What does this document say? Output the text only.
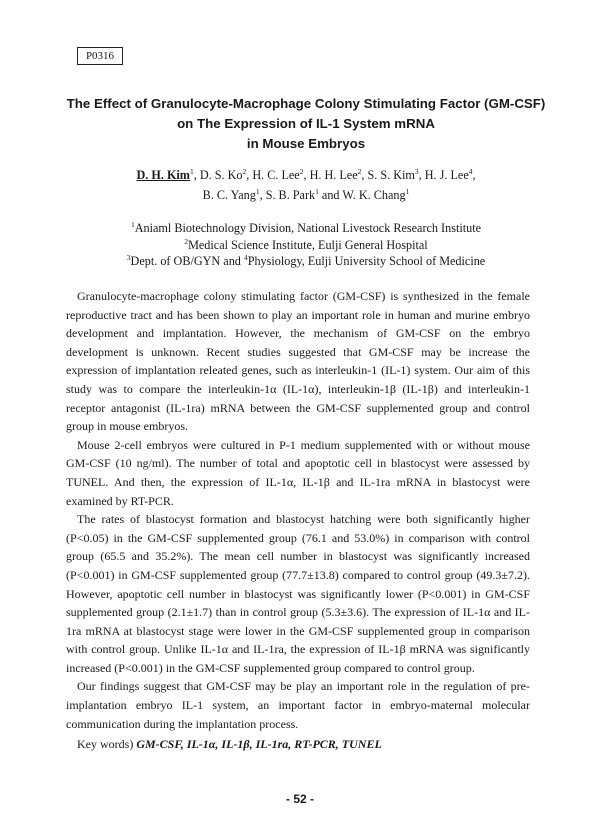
P0316
The Effect of Granulocyte-Macrophage Colony Stimulating Factor (GM-CSF)
on The Expression of IL-1 System mRNA
in Mouse Embryos
D. H. Kim$^1$, D. S. Ko$^2$, H. C. Lee$^2$, H. H. Lee$^2$, S. S. Kim$^3$, H. J. Lee$^4$,
B. C. Yang$^1$, S. B. Park$^1$ and W. K. Chang$^1$
$^1$Aniaml Biotechnology Division, National Livestock Research Institute
$^2$Medical Science Institute, Eulji General Hospital
$^3$Dept. of OB/GYN and $^4$Physiology, Eulji University School of Medicine

Granulocyte-macrophage colony stimulating factor (GM-CSF) is synthesized in the female reproductive tract and has been shown to play an important role in human and murine embryo development and implantation. However, the mechanism of GM-CSF on the embryo development is unknown. Recent studies suggested that GM-CSF may be increase the expression of implantation releated genes, such as interleukin-1 (IL-1) system. Our aim of this study was to compare the interleukin-1α (IL-1α), interleukin-1β (IL-1β) and interleukin-1 receptor antagonist (IL-1ra) mRNA between the GM-CSF supplemented group and control group in mouse embryos.

Mouse 2-cell embryos were cultured in P-1 medium supplemented with or without mouse GM-CSF (10 ng/ml). The number of total and apoptotic cell in blastocyst were assessed by TUNEL. And then, the expression of IL-1α, IL-1β and IL-1ra mRNA in blastocyst were examined by RT-PCR.

The rates of blastocyst formation and blastocyst hatching were both significantly higher (P<0.05) in the GM-CSF supplemented group (76.1 and 53.0%) in comparison with control group (65.5 and 35.2%). The mean cell number in blastocyst was significantly increased (P<0.001) in GM-CSF supplemented group (77.7±13.8) compared to control group (49.3±7.2). However, apoptotic cell number in blastocyst was significantly lower (P<0.001) in GM-CSF supplemented group (2.1±1.7) than in control group (5.3±3.6). The expression of IL-1α and IL-1ra mRNA at blastocyst stage were lower in the GM-CSF supplemented group in comparison with control group. Unlike IL-1α and IL-1ra, the expression of IL-1β mRNA was significantly increased (P<0.001) in the GM-CSF supplemented group compared to control group.

Our findings suggest that GM-CSF may be play an important role in the regulation of pre-implantation embryo IL-1 system, an important factor in embryo-maternal molecular communication during the implantation process.

Key words) GM-CSF, IL-1α, IL-1β, IL-1ra, RT-PCR, TUNEL
- 52 -
